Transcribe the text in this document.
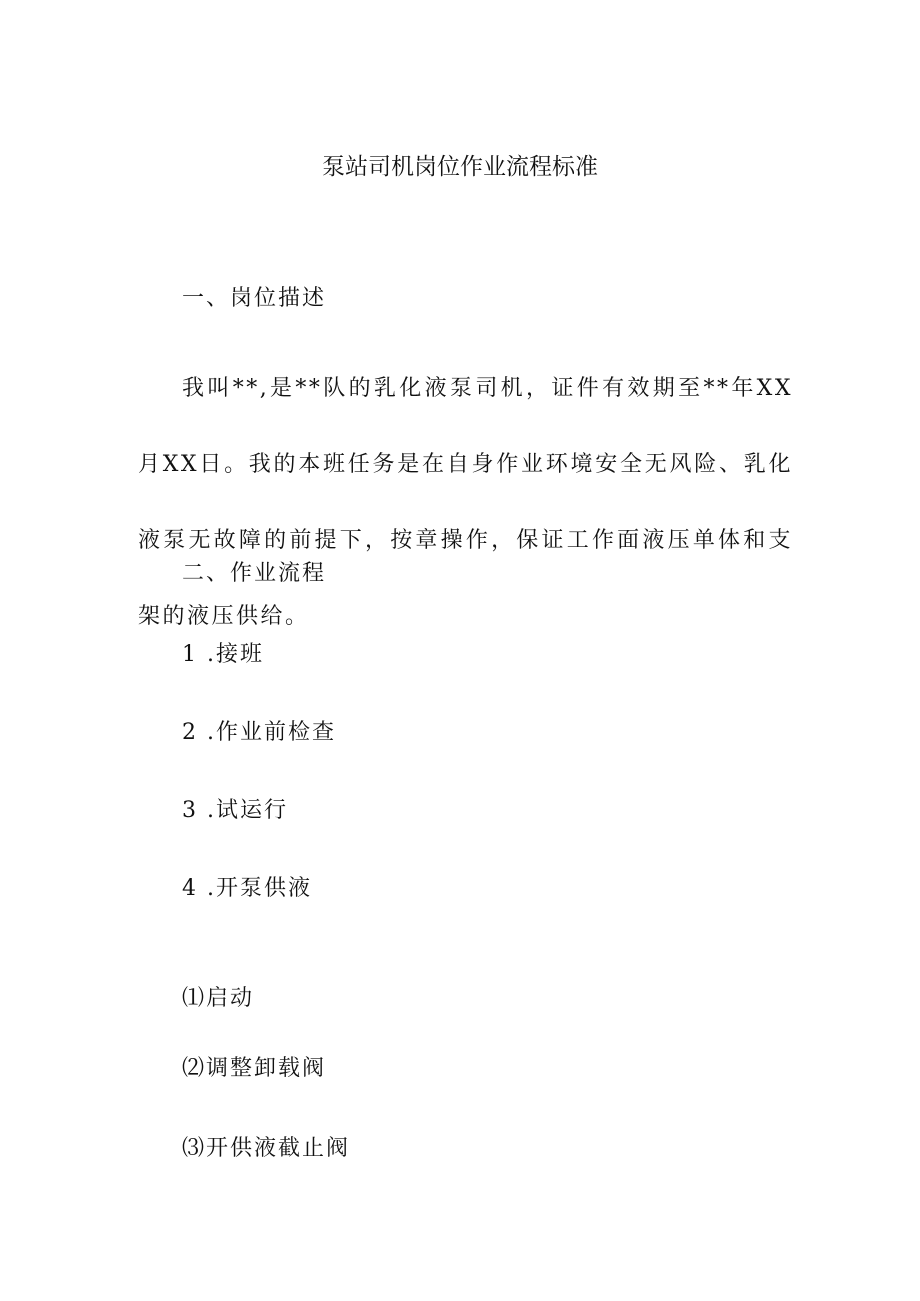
泵站司机岗位作业流程标准
一、岗位描述
我叫**,是**队的乳化液泵司机，证件有效期至**年XX月XX日。我的本班任务是在自身作业环境安全无风险、乳化液泵无故障的前提下，按章操作，保证工作面液压单体和支架的液压供给。
二、作业流程
1 .接班
2 .作业前检查
3 .试运行
4 .开泵供液
⑴启动
⑵调整卸载阀
⑶开供液截止阀
